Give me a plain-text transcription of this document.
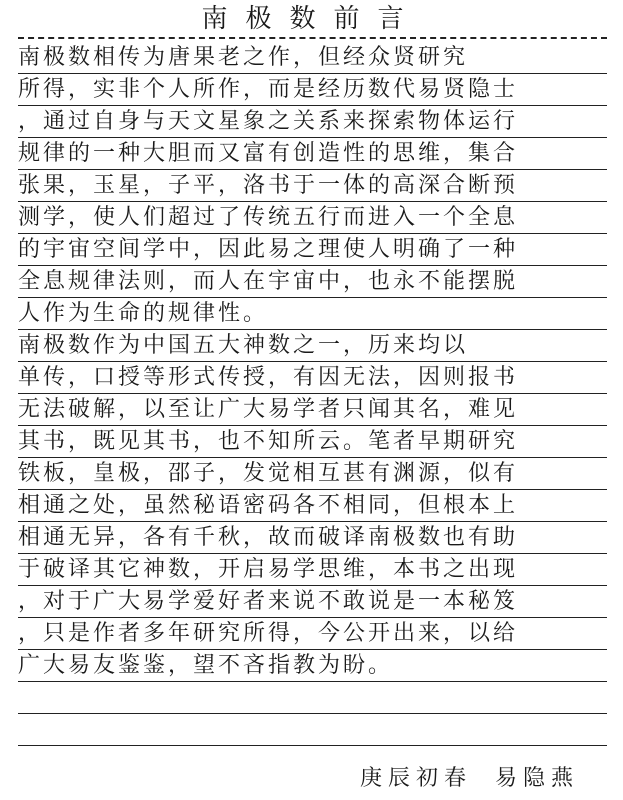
南极数前言
南极数相传为唐果老之作，但经众贤研究
所得，实非个人所作，而是经历数代易贤隐士
，通过自身与天文星象之关系来探索物体运行
规律的一种大胆而又富有创造性的思维，集合
张果，玉星，子平，洛书于一体的高深合断预
测学，使人们超过了传统五行而进入一个全息
的宇宙空间学中，因此易之理使人明确了一种
全息规律法则，而人在宇宙中，也永不能摆脱
人作为生命的规律性。
南极数作为中国五大神数之一，历来均以
单传，口授等形式传授，有因无法，因则报书
无法破解，以至让广大易学者只闻其名，难见
其书，既见其书，也不知所云。笔者早期研究
铁板，皇极，邵子，发觉相互甚有渊源，似有
相通之处，虽然秘语密码各不相同，但根本上
相通无异，各有千秋，故而破译南极数也有助
于破译其它神数，开启易学思维，本书之出现
，对于广大易学爱好者来说不敢说是一本秘笈
，只是作者多年研究所得，今公开出来，以给
广大易友鉴鉴，望不吝指教为盼。
庚辰初春 易隐燕
